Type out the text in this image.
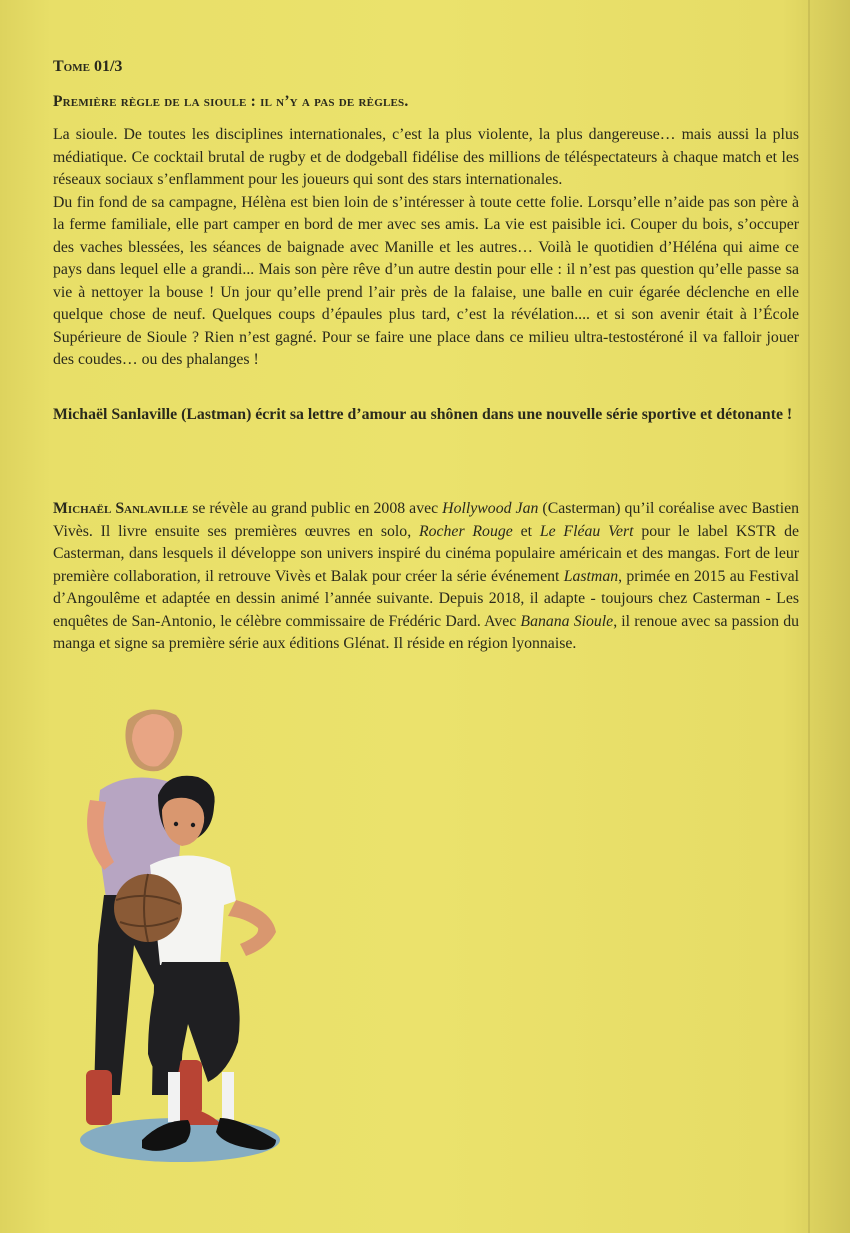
Tome 01/3
Première règle de la sioule : il n’y a pas de règles.

La sioule. De toutes les disciplines internationales, c’est la plus violente, la plus dangereuse… mais aussi la plus médiatique. Ce cocktail brutal de rugby et de dodgeball fidélise des millions de téléspectateurs à chaque match et les réseaux sociaux s’enflamment pour les joueurs qui sont des stars internationales.

Du fin fond de sa campagne, Hélèna est bien loin de s’intéresser à toute cette folie. Lorsqu’elle n’aide pas son père à la ferme familiale, elle part camper en bord de mer avec ses amis. La vie est paisible ici. Couper du bois, s’occuper des vaches blessées, les séances de baignade avec Manille et les autres… Voilà le quotidien d’Héléna qui aime ce pays dans lequel elle a grandi... Mais son père rêve d’un autre destin pour elle : il n’est pas question qu’elle passe sa vie à nettoyer la bouse ! Un jour qu’elle prend l’air près de la falaise, une balle en cuir égarée déclenche en elle quelque chose de neuf. Quelques coups d’épaules plus tard, c’est la révélation.... et si son avenir était à l’École Supérieure de Sioule ? Rien n’est gagné. Pour se faire une place dans ce milieu ultra-testostéroné il va falloir jouer des coudes… ou des phalanges !

Michaël Sanlaville (Lastman) écrit sa lettre d’amour au shônen dans une nouvelle série sportive et détonante !
Michaël Sanlaville se révèle au grand public en 2008 avec Hollywood Jan (Casterman) qu’il coréalise avec Bastien Vivès. Il livre ensuite ses premières œuvres en solo, Rocher Rouge et Le Fléau Vert pour le label KSTR de Casterman, dans lesquels il développe son univers inspiré du cinéma populaire américain et des mangas. Fort de leur première collaboration, il retrouve Vivès et Balak pour créer la série événement Lastman, primée en 2015 au Festival d’Angoulême et adaptée en dessin animé l’année suivante. Depuis 2018, il adapte - toujours chez Casterman - Les enquêtes de San-Antonio, le célèbre commissaire de Frédéric Dard. Avec Banana Sioule, il renoue avec sa passion du manga et signe sa première série aux éditions Glénat. Il réside en région lyonnaise.
